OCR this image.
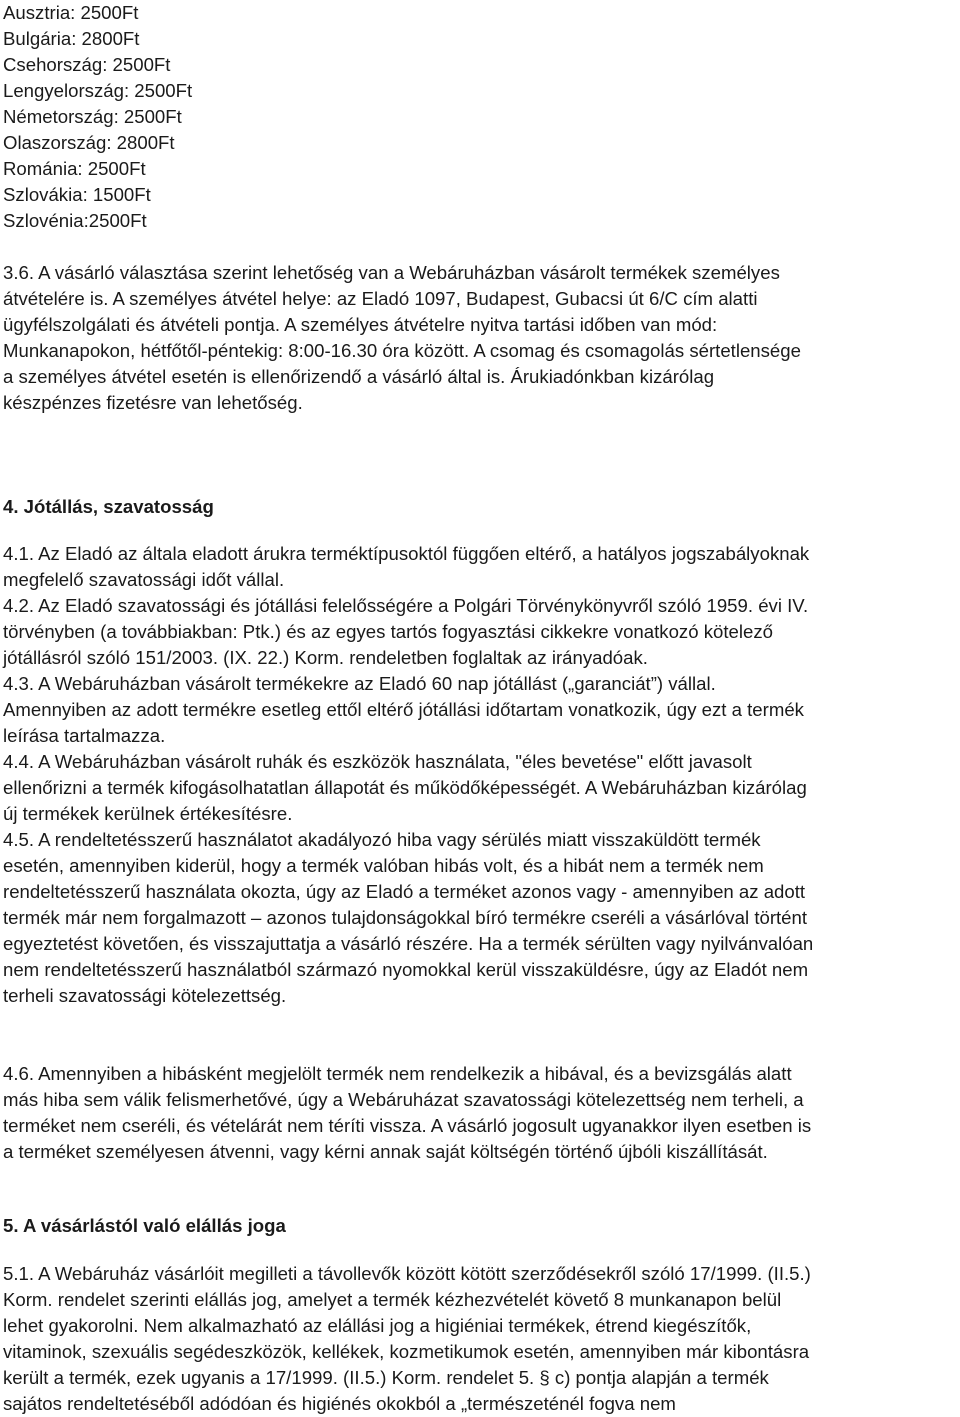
Ausztria: 2500Ft
Bulgária: 2800Ft
Csehország: 2500Ft
Lengyelország: 2500Ft
Németország: 2500Ft
Olaszország: 2800Ft
Románia: 2500Ft
Szlovákia: 1500Ft
Szlovénia:2500Ft
3.6. A vásárló választása szerint lehetőség van a Webáruházban vásárolt termékek személyes
átvételére is. A személyes átvétel helye: az Eladó 1097, Budapest, Gubacsi út 6/C cím alatti
ügyfélszolgálati és átvételi pontja. A személyes átvételre nyitva tartási időben van mód:
Munkanapokon, hétfőtől-péntekig: 8:00-16.30 óra között. A csomag és csomagolás sértetlensége
a személyes átvétel esetén is ellenőrizendő a vásárló által is. Árukiadónkban kizárólag
készpénzes fizetésre van lehetőség.
4. Jótállás, szavatosság
4.1. Az Eladó az általa eladott árukra terméktípusoktól függően eltérő, a hatályos jogszabályoknak
megfelelő szavatossági időt vállal.
4.2. Az Eladó szavatossági és jótállási felelősségére a Polgári Törvénykönyvről szóló 1959. évi IV.
törvényben (a továbbiakban: Ptk.) és az egyes tartós fogyasztási cikkekre vonatkozó kötelező
jótállásról szóló 151/2003. (IX. 22.) Korm. rendeletben foglaltak az irányadóak.
4.3. A Webáruházban vásárolt termékekre az Eladó 60 nap jótállást („garanciát”) vállal.
Amennyiben az adott termékre esetleg ettől eltérő jótállási időtartam vonatkozik, úgy ezt a termék
leírása tartalmazza.
4.4. A Webáruházban vásárolt ruhák és eszközök használata, "éles bevetése" előtt javasolt
ellenőrizni a termék kifogásolhatatlan állapotát és működőképességét. A Webáruházban kizárólag
új termékek kerülnek értékesítésre.
4.5. A rendeltetésszerű használatot akadályozó hiba vagy sérülés miatt visszaküldött termék
esetén, amennyiben kiderül, hogy a termék valóban hibás volt, és a hibát nem a termék nem
rendeltetésszerű használata okozta, úgy az Eladó a terméket azonos vagy - amennyiben az adott
termék már nem forgalmazott – azonos tulajdonságokkal bíró termékre cseréli a vásárlóval történt
egyeztetést követően, és visszajuttatja a vásárló részére. Ha a termék sérülten vagy nyilvánvalóan
nem rendeltetésszerű használatból származó nyomokkal kerül visszaküldésre, úgy az Eladót nem
terheli szavatossági kötelezettség.
4.6. Amennyiben a hibásként megjelölt termék nem rendelkezik a hibával, és a bevizsgálás alatt
más hiba sem válik felismerhetővé, úgy a Webáruházat szavatossági kötelezettség nem terheli, a
terméket nem cseréli, és vételárát nem téríti vissza. A vásárló jogosult ugyanakkor ilyen esetben is
a terméket személyesen átvenni, vagy kérni annak saját költségén történő újbóli kiszállítását.
5. A vásárlástól való elállás joga
5.1. A Webáruház vásárlóit megilleti a távollevők között kötött szerződésekről szóló 17/1999. (II.5.)
Korm. rendelet szerinti elállás jog, amelyet a termék kézhezvételét követő 8 munkanapon belül
lehet gyakorolni. Nem alkalmazható az elállási jog a higiéniai termékek, étrend kiegészítők,
vitaminok, szexuális segédeszközök, kellékek, kozmetikumok esetén, amennyiben már kibontásra
került a termék, ezek ugyanis a 17/1999. (II.5.) Korm. rendelet 5. § c) pontja alapján a termék
sajátos rendeltetéséből adódóan és higiénés okokból a „természeténél fogva nem
